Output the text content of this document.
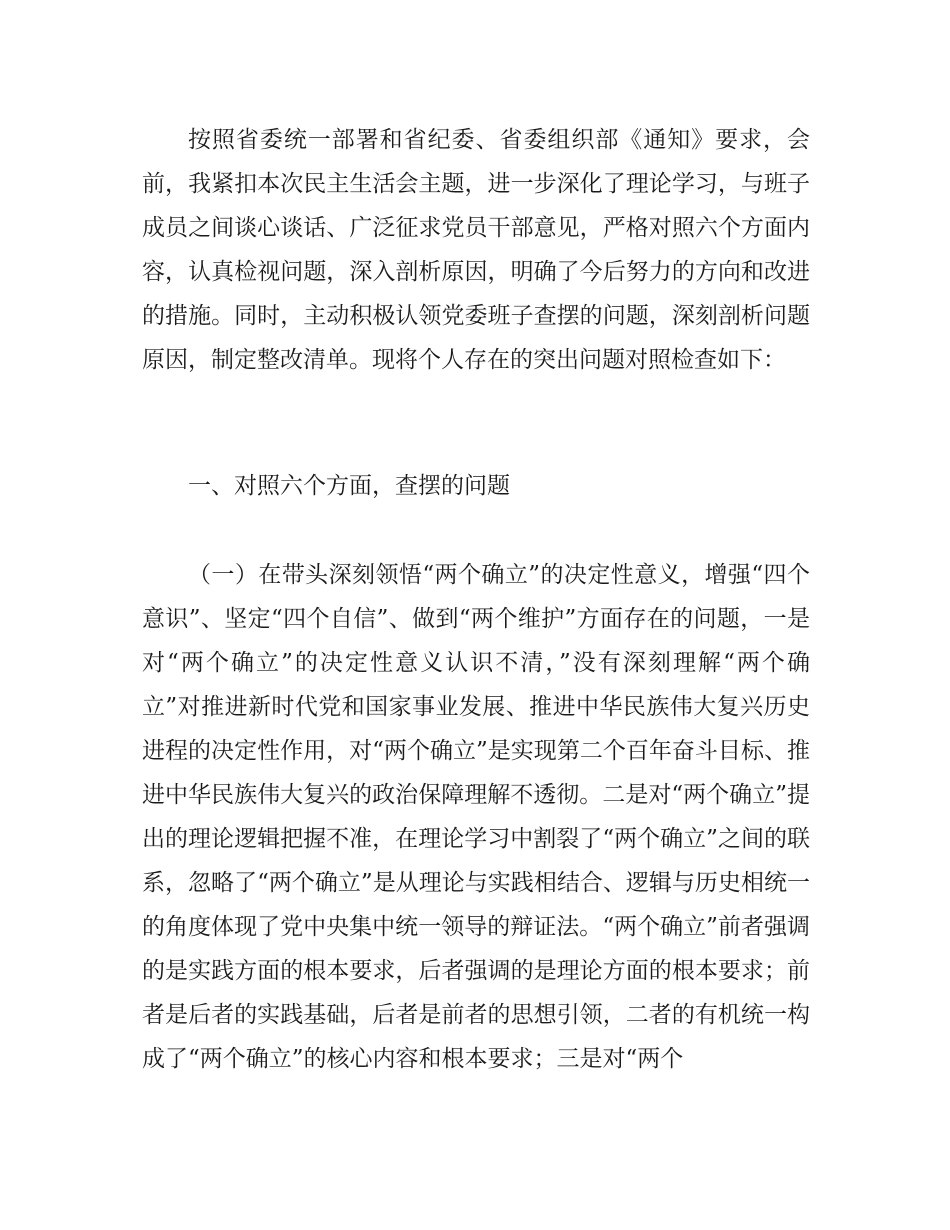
按照省委统一部署和省纪委、省委组织部《通知》要求，会前，我紧扣本次民主生活会主题，进一步深化了理论学习，与班子成员之间谈心谈话、广泛征求党员干部意见，严格对照六个方面内容，认真检视问题，深入剖析原因，明确了今后努力的方向和改进的措施。同时，主动积极认领党委班子查摆的问题，深刻剖析问题原因，制定整改清单。现将个人存在的突出问题对照检查如下：

一、对照六个方面，查摆的问题

（一）在带头深刻领悟“两个确立”的决定性意义，增强“四个意识”、坚定“四个自信”、做到“两个维护”方面存在的问题，一是对“两个确立”的决定性意义认识不清，”没有深刻理解“两个确立”对推进新时代党和国家事业发展、推进中华民族伟大复兴历史进程的决定性作用，对“两个确立”是实现第二个百年奋斗目标、推进中华民族伟大复兴的政治保障理解不透彻。二是对“两个确立”提出的理论逻辑把握不准，在理论学习中割裂了“两个确立”之间的联系，忽略了“两个确立”是从理论与实践相结合、逻辑与历史相统一的角度体现了党中央集中统一领导的辩证法。“两个确立”前者强调的是实践方面的根本要求，后者强调的是理论方面的根本要求；前者是后者的实践基础，后者是前者的思想引领，二者的有机统一构成了“两个确立”的核心内容和根本要求；三是对“两个
